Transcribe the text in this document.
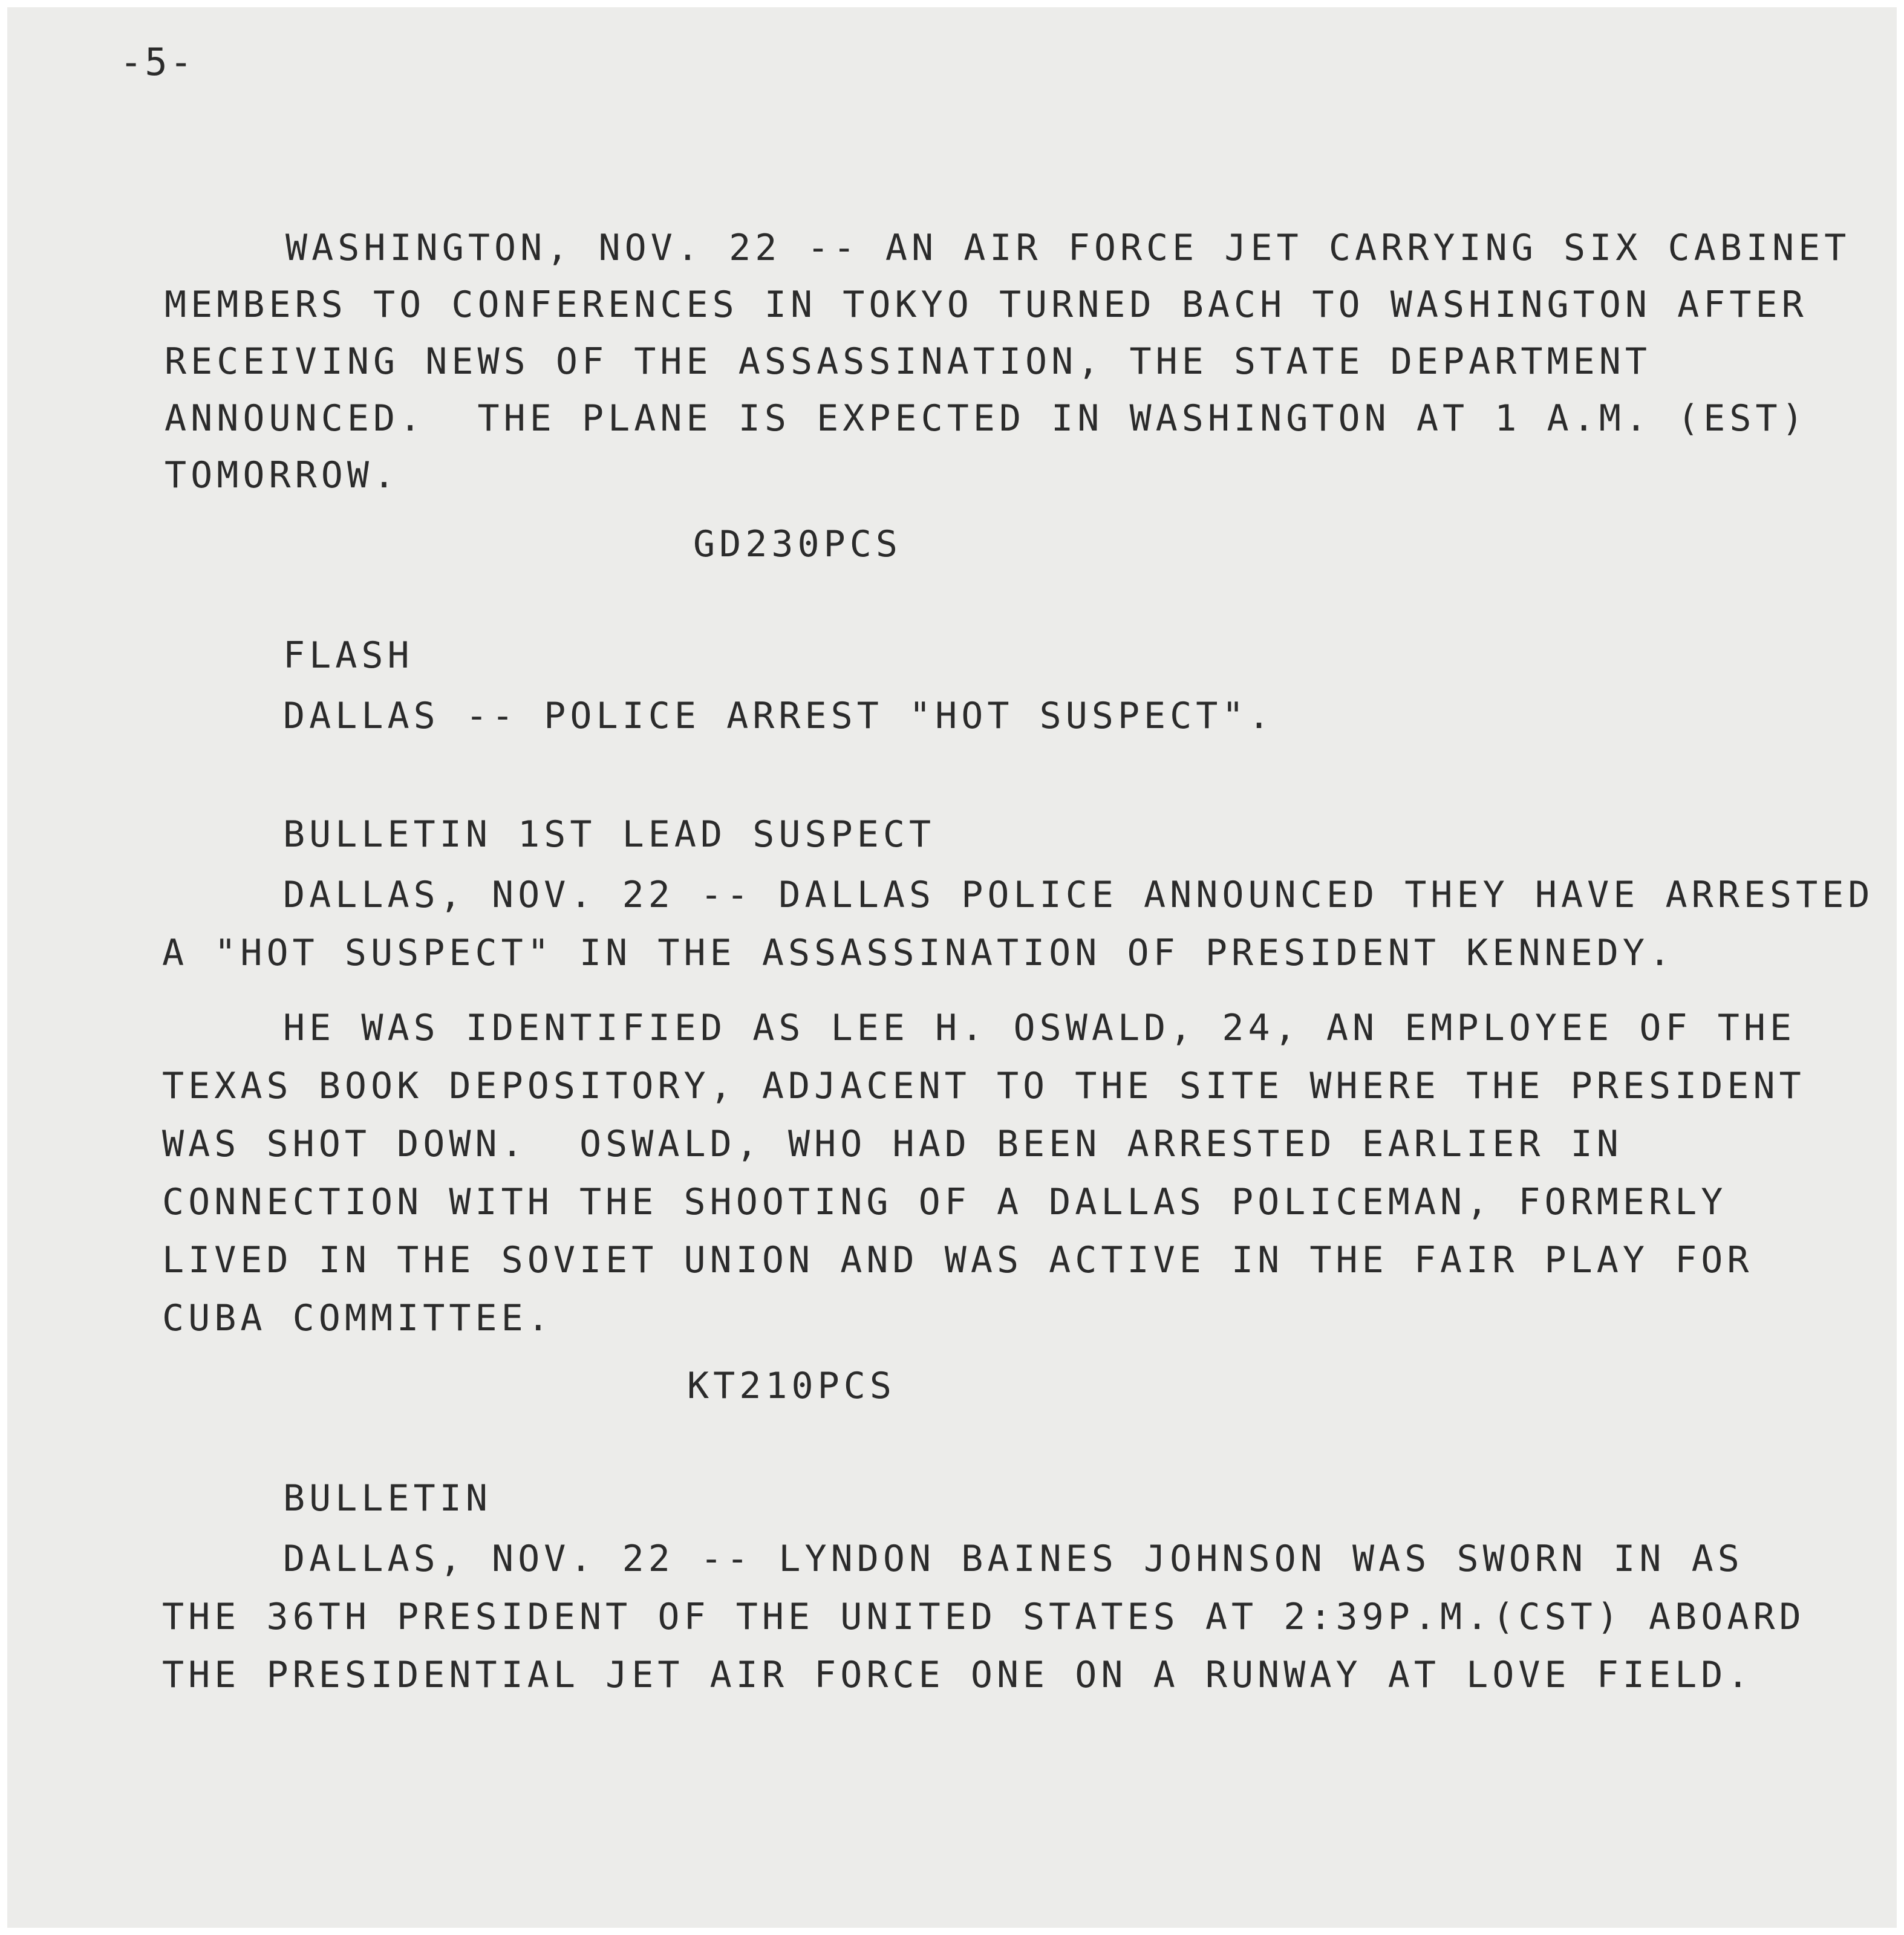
-5-
WASHINGTON, NOV. 22 -- AN AIR FORCE JET CARRYING SIX CABINET
MEMBERS TO CONFERENCES IN TOKYO TURNED BACH TO WASHINGTON AFTER
RECEIVING NEWS OF THE ASSASSINATION, THE STATE DEPARTMENT
ANNOUNCED.  THE PLANE IS EXPECTED IN WASHINGTON AT 1 A.M. (EST)
TOMORROW.
GD230PCS
FLASH
DALLAS -- POLICE ARREST "HOT SUSPECT".
BULLETIN 1ST LEAD SUSPECT
DALLAS, NOV. 22 -- DALLAS POLICE ANNOUNCED THEY HAVE ARRESTED
A "HOT SUSPECT" IN THE ASSASSINATION OF PRESIDENT KENNEDY.
HE WAS IDENTIFIED AS LEE H. OSWALD, 24, AN EMPLOYEE OF THE
TEXAS BOOK DEPOSITORY, ADJACENT TO THE SITE WHERE THE PRESIDENT
WAS SHOT DOWN.  OSWALD, WHO HAD BEEN ARRESTED EARLIER IN
CONNECTION WITH THE SHOOTING OF A DALLAS POLICEMAN, FORMERLY
LIVED IN THE SOVIET UNION AND WAS ACTIVE IN THE FAIR PLAY FOR
CUBA COMMITTEE.
KT210PCS
BULLETIN
DALLAS, NOV. 22 -- LYNDON BAINES JOHNSON WAS SWORN IN AS
THE 36TH PRESIDENT OF THE UNITED STATES AT 2:39P.M.(CST) ABOARD
THE PRESIDENTIAL JET AIR FORCE ONE ON A RUNWAY AT LOVE FIELD.
